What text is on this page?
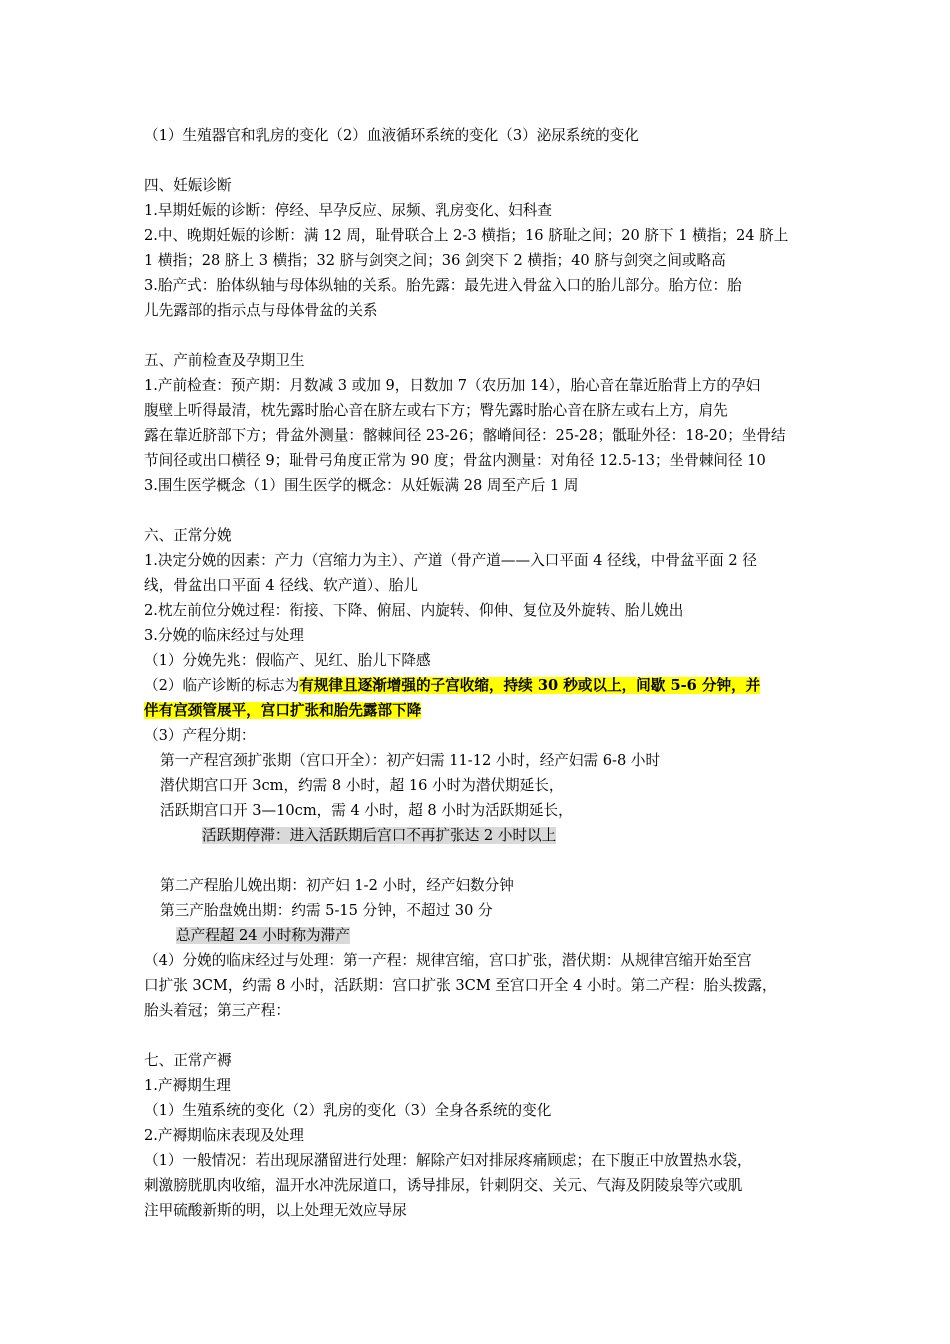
（1）生殖器官和乳房的变化（2）血液循环系统的变化（3）泌尿系统的变化
四、妊娠诊断
1.早期妊娠的诊断：停经、早孕反应、尿频、乳房变化、妇科查
2.中、晚期妊娠的诊断：满 12 周，耻骨联合上 2-3 横指；16 脐耻之间；20 脐下 1 横指；24 脐上
1 横指；28 脐上 3 横指；32 脐与剑突之间；36 剑突下 2 横指；40 脐与剑突之间或略高
3.胎产式：胎体纵轴与母体纵轴的关系。胎先露：最先进入骨盆入口的胎儿部分。胎方位：胎
儿先露部的指示点与母体骨盆的关系
五、产前检查及孕期卫生
1.产前检查：预产期：月数减 3 或加 9，日数加 7（农历加 14），胎心音在靠近胎背上方的孕妇
腹壁上听得最清，枕先露时胎心音在脐左或右下方；臀先露时胎心音在脐左或右上方，肩先
露在靠近脐部下方；骨盆外测量：髂棘间径 23-26；髂嵴间径：25-28；骶耻外径：18-20；坐骨结
节间径或出口横径 9；耻骨弓角度正常为 90 度；骨盆内测量：对角径 12.5-13；坐骨棘间径 10
3.围生医学概念（1）围生医学的概念：从妊娠满 28 周至产后 1 周
六、正常分娩
1.决定分娩的因素：产力（宫缩力为主）、产道（骨产道——入口平面 4 径线，中骨盆平面 2 径
线，骨盆出口平面 4 径线、软产道）、胎儿
2.枕左前位分娩过程：衔接、下降、俯屈、内旋转、仰伸、复位及外旋转、胎儿娩出
3.分娩的临床经过与处理
（1）分娩先兆：假临产、见红、胎儿下降感
（2）临产诊断的标志为有规律且逐渐增强的子宫收缩，持续 30 秒或以上，间歇 5-6 分钟，并
伴有宫颈管展平，宫口扩张和胎先露部下降
（3）产程分期：
第一产程宫颈扩张期（宫口开全）：初产妇需 11-12 小时，经产妇需 6-8 小时
潜伏期宫口开 3cm，约需 8 小时，超 16 小时为潜伏期延长，
活跃期宫口开 3—10cm，需 4 小时，超 8 小时为活跃期延长，
活跃期停滞：进入活跃期后宫口不再扩张达 2 小时以上
第二产程胎儿娩出期：初产妇 1-2 小时，经产妇数分钟
第三产胎盘娩出期：约需 5-15 分钟，不超过 30 分
总产程超 24 小时称为滞产
（4）分娩的临床经过与处理：第一产程：规律宫缩，宫口扩张，潜伏期：从规律宫缩开始至宫
口扩张 3CM，约需 8 小时，活跃期：宫口扩张 3CM 至宫口开全 4 小时。第二产程：胎头拨露，
胎头着冠；第三产程：
七、正常产褥
1.产褥期生理
（1）生殖系统的变化（2）乳房的变化（3）全身各系统的变化
2.产褥期临床表现及处理
（1）一般情况：若出现尿潴留进行处理：解除产妇对排尿疼痛顾虑；在下腹正中放置热水袋，
刺激膀胱肌肉收缩，温开水冲洗尿道口，诱导排尿，针刺阴交、关元、气海及阴陵泉等穴或肌
注甲硫酸新斯的明，以上处理无效应导尿
